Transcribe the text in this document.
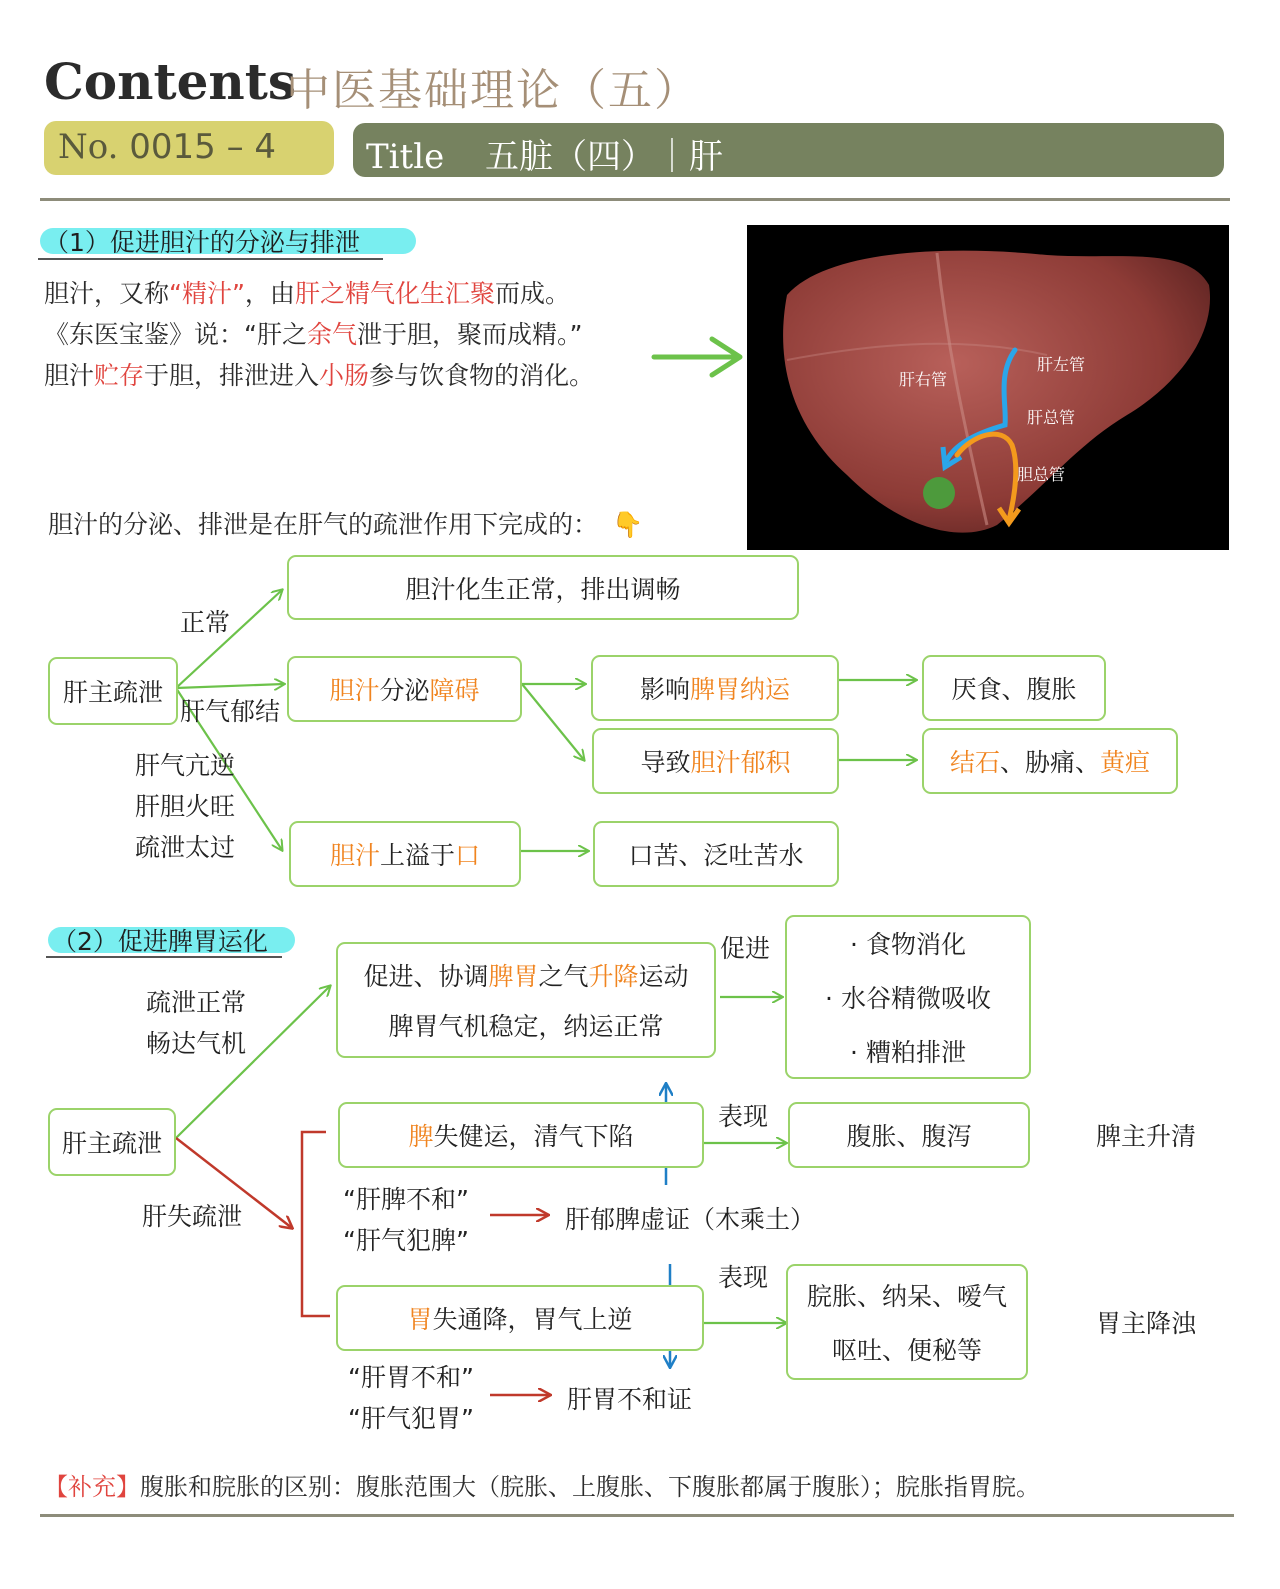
Contents
中医基础理论（五）
No. 0015 – 4	Title 五脏（四）｜肝
（1）促进胆汁的分泌与排泄
胆汁，又称“精汁”，由肝之精气化生汇聚而成。
《东医宝鉴》说：“肝之余气泄于胆，聚而成精。”
胆汁贮存于胆，排泄进入小肠参与饮食物的消化。	肝右管
肝左管
肝总管
胆总管
胆汁的分泌、排泄是在肝气的疏泄作用下完成的： 👇
肝主疏泄
正常
肝气郁结
胆汁化生正常，排出调畅
胆汁 分泌 障碍	影响 脾胃纳运	厌食、腹胀
导致 胆汁郁积	结石 、胁痛、 黄疸
肝气亢逆
肝胆火旺
疏泄太过	胆汁 上溢于 口	口苦、泛吐苦水
（2）促进脾胃运化
疏泄正常
畅达气机
促进、协调脾胃之气升降运动
脾胃气机稳定，纳运正常
促进	· 食物消化
· 水谷精微吸收
· 糟粕排泄
肝主疏泄
肝失疏泄
脾 失健运，清气下陷
表现
腹胀、腹泻	脾主升清
“肝脾不和”
“肝气犯脾”
肝郁脾虚证（木乘土）
胃 失通降，胃气上逆
表现
脘胀、纳呆、嗳气
呕吐、便秘等
胃主降浊
“肝胃不和”
“肝气犯胃”
肝胃不和证
【补充】腹胀和脘胀的区别：腹胀范围大（脘胀、上腹胀、下腹胀都属于腹胀）；脘胀指胃脘。
